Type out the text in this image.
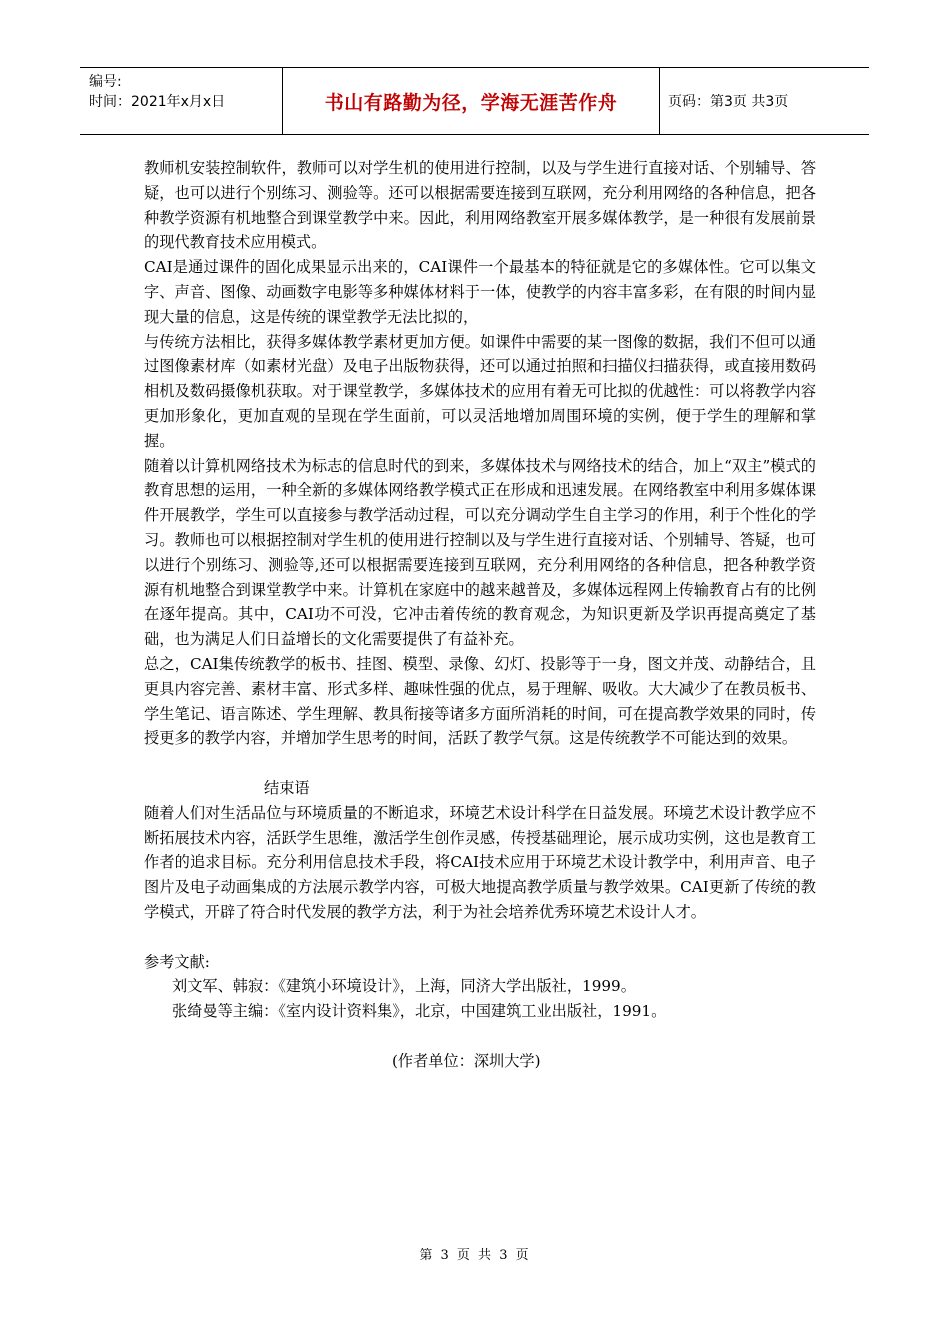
编号:
时间：2021年x月x日	书山有路勤为径，学海无涯苦作舟	页码：第3页 共3页

教师机安装控制软件，教师可以对学生机的使用进行控制，以及与学生进行直接对话、个别辅导、答疑，也可以进行个别练习、测验等。还可以根据需要连接到互联网，充分利用网络的各种信息，把各种教学资源有机地整合到课堂教学中来。因此，利用网络教室开展多媒体教学，是一种很有发展前景的现代教育技术应用模式。

CAI是通过课件的固化成果显示出来的，CAI课件一个最基本的特征就是它的多媒体性。它可以集文字、声音、图像、动画数字电影等多种媒体材料于一体，使教学的内容丰富多彩，在有限的时间内显现大量的信息，这是传统的课堂教学无法比拟的，

与传统方法相比，获得多媒体教学素材更加方便。如课件中需要的某一图像的数据，我们不但可以通过图像素材库（如素材光盘）及电子出版物获得，还可以通过拍照和扫描仪扫描获得，或直接用数码相机及数码摄像机获取。对于课堂教学，多媒体技术的应用有着无可比拟的优越性：可以将教学内容更加形象化，更加直观的呈现在学生面前，可以灵活地增加周围环境的实例，便于学生的理解和掌握。

随着以计算机网络技术为标志的信息时代的到来，多媒体技术与网络技术的结合，加上“双主”模式的教育思想的运用，一种全新的多媒体网络教学模式正在形成和迅速发展。在网络教室中利用多媒体课件开展教学，学生可以直接参与教学活动过程，可以充分调动学生自主学习的作用，利于个性化的学习。教师也可以根据控制对学生机的使用进行控制以及与学生进行直接对话、个别辅导、答疑，也可以进行个别练习、测验等,还可以根据需要连接到互联网，充分利用网络的各种信息，把各种教学资源有机地整合到课堂教学中来。计算机在家庭中的越来越普及，多媒体远程网上传输教育占有的比例在逐年提高。其中，CAI功不可没，它冲击着传统的教育观念，为知识更新及学识再提高奠定了基础，也为满足人们日益增长的文化需要提供了有益补充。

总之，CAI集传统教学的板书、挂图、模型、录像、幻灯、投影等于一身，图文并茂、动静结合，且更具内容完善、素材丰富、形式多样、趣味性强的优点，易于理解、吸收。大大减少了在教员板书、学生笔记、语言陈述、学生理解、教具衔接等诸多方面所消耗的时间，可在提高教学效果的同时，传授更多的教学内容，并增加学生思考的时间，活跃了教学气氛。这是传统教学不可能达到的效果。

结束语

随着人们对生活品位与环境质量的不断追求，环境艺术设计科学在日益发展。环境艺术设计教学应不断拓展技术内容，活跃学生思维，激活学生创作灵感，传授基础理论，展示成功实例，这也是教育工作者的追求目标。充分利用信息技术手段，将CAI技术应用于环境艺术设计教学中，利用声音、电子图片及电子动画集成的方法展示教学内容，可极大地提高教学质量与教学效果。CAI更新了传统的教学模式，开辟了符合时代发展的教学方法，利于为社会培养优秀环境艺术设计人才。

参考文献:

刘文军、韩寂：《建筑小环境设计》，上海，同济大学出版社，1999。

张绮曼等主编：《室内设计资料集》，北京，中国建筑工业出版社，1991。

(作者单位：深圳大学)

第 3 页 共 3 页
